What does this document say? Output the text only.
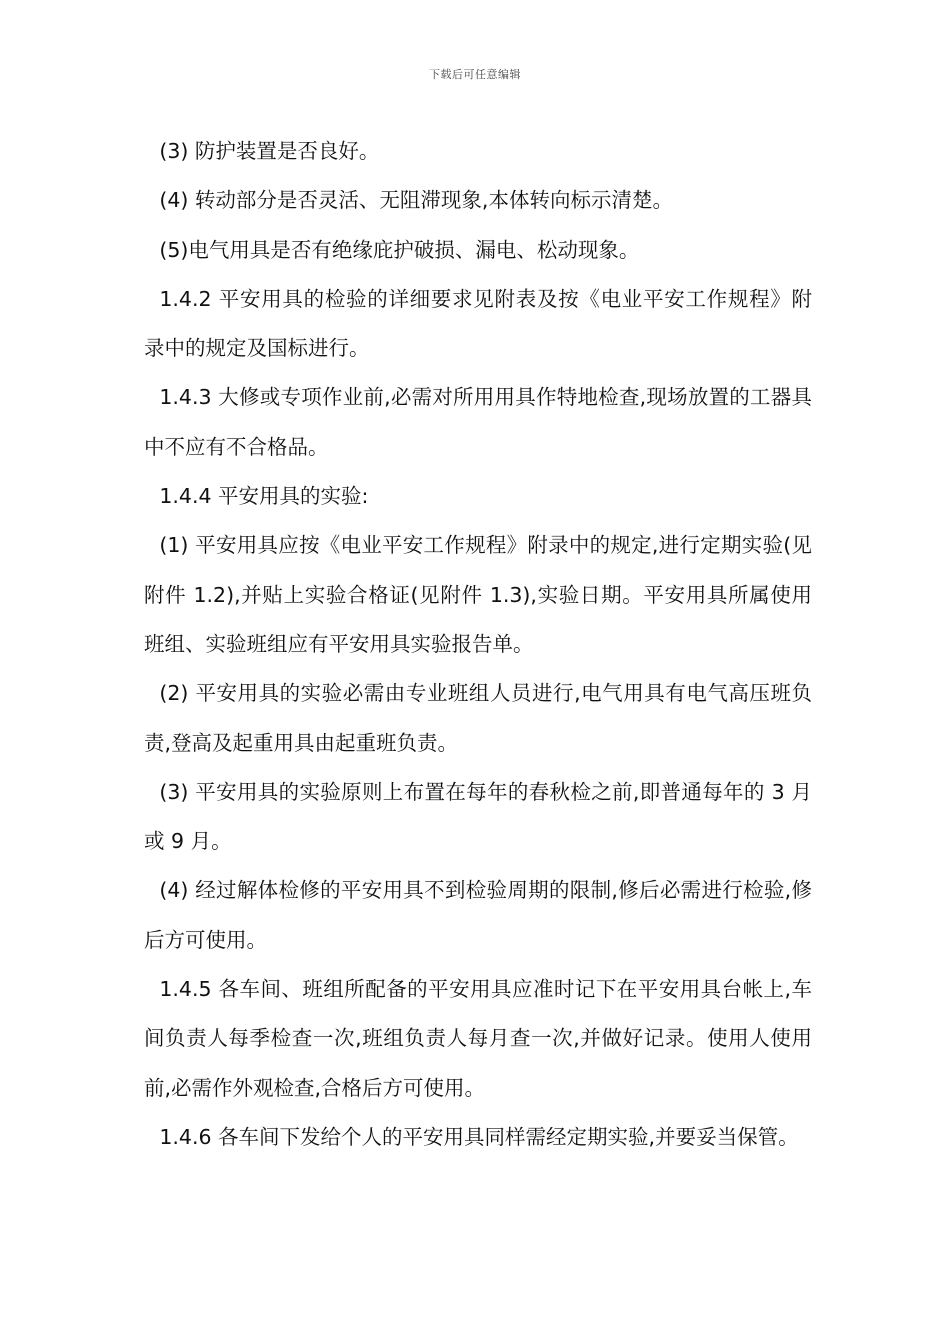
下载后可任意编辑

(3) 防护装置是否良好。

(4) 转动部分是否灵活、无阻滞现象,本体转向标示清楚。

(5)电气用具是否有绝缘庇护破损、漏电、松动现象。

1.4.2 平安用具的检验的详细要求见附表及按《电业平安工作规程》附录中的规定及国标进行。

1.4.3 大修或专项作业前,必需对所用用具作特地检查,现场放置的工器具中不应有不合格品。

1.4.4 平安用具的实验:

(1) 平安用具应按《电业平安工作规程》附录中的规定,进行定期实验(见附件 1.2),并贴上实验合格证(见附件 1.3),实验日期。平安用具所属使用班组、实验班组应有平安用具实验报告单。

(2) 平安用具的实验必需由专业班组人员进行,电气用具有电气高压班负责,登高及起重用具由起重班负责。

(3) 平安用具的实验原则上布置在每年的春秋检之前,即普通每年的 3 月或 9 月。

(4) 经过解体检修的平安用具不到检验周期的限制,修后必需进行检验,修后方可使用。

1.4.5 各车间、班组所配备的平安用具应准时记下在平安用具台帐上,车间负责人每季检查一次,班组负责人每月查一次,并做好记录。使用人使用前,必需作外观检查,合格后方可使用。

1.4.6 各车间下发给个人的平安用具同样需经定期实验,并要妥当保管。
